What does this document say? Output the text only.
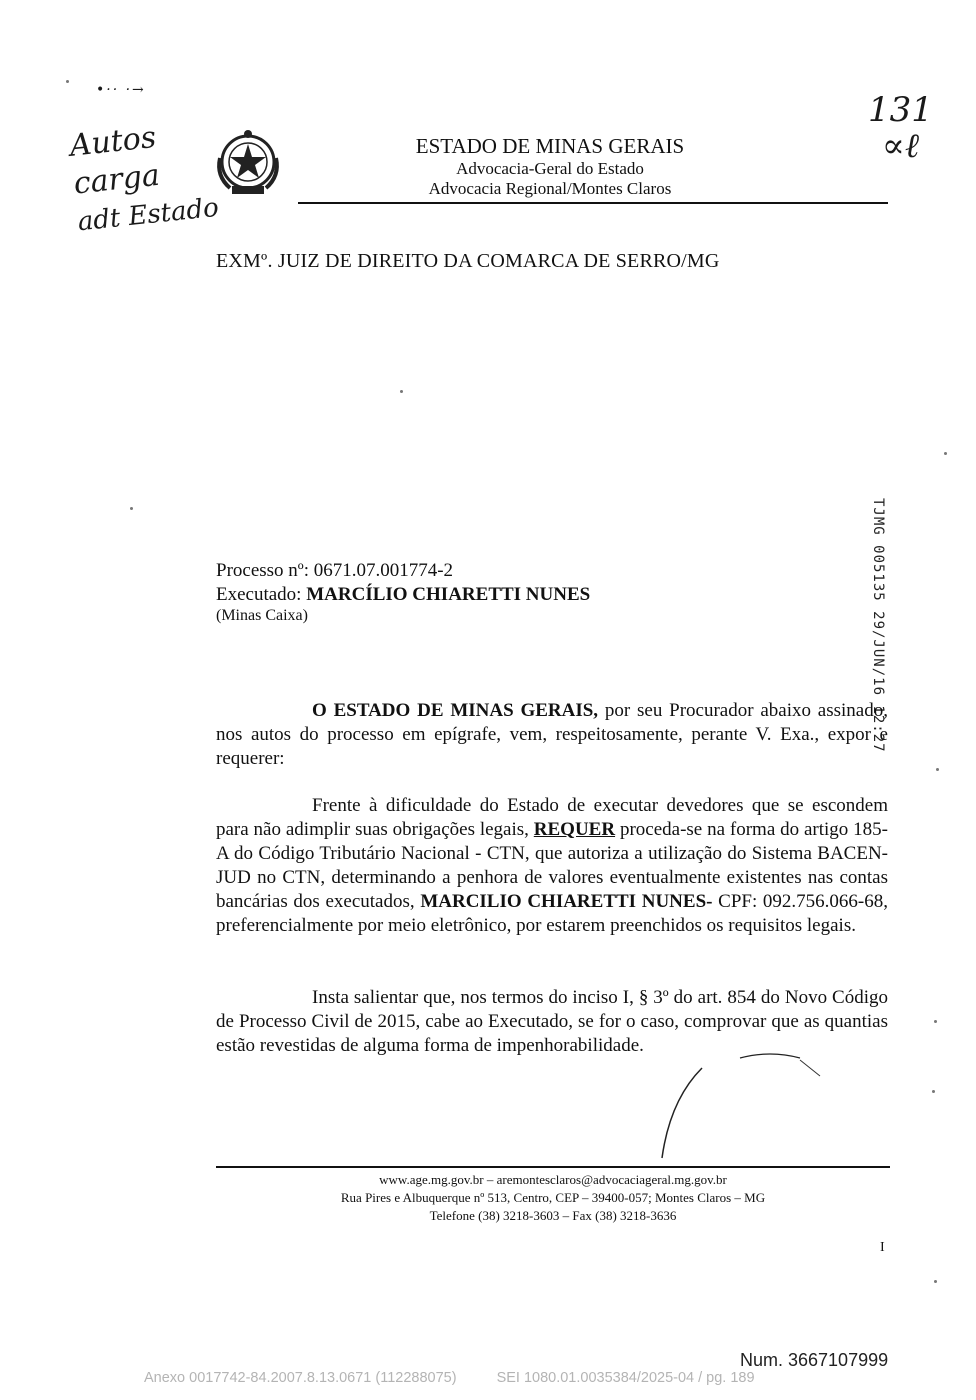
•·· ·→
Autos
carga
adt Estado
131
∝ℓ
ESTADO DE MINAS GERAIS
Advocacia-Geral do Estado
Advocacia Regional/Montes Claros
EXMº. JUIZ DE DIREITO DA COMARCA DE SERRO/MG
TJMG 005135 29/JUN/16 12:27
Processo nº: 0671.07.001774-2
Executado: MARCÍLIO CHIARETTI NUNES
(Minas Caixa)

O ESTADO DE MINAS GERAIS, por seu Procurador abaixo assinado, nos autos do processo em epígrafe, vem, respeitosamente, perante V. Exa., expor e requerer:

Frente à dificuldade do Estado de executar devedores que se escondem para não adimplir suas obrigações legais, REQUER proceda-se na forma do artigo 185-A do Código Tributário Nacional - CTN, que autoriza a utilização do Sistema BACEN-JUD no CTN, determinando a penhora de valores eventualmente existentes nas contas bancárias dos executados, MARCILIO CHIARETTI NUNES- CPF: 092.756.066-68, preferencialmente por meio eletrônico, por estarem preenchidos os requisitos legais.

Insta salientar que, nos termos do inciso I, § 3º do art. 854 do Novo Código de Processo Civil de 2015, cabe ao Executado, se for o caso, comprovar que as quantias estão revestidas de alguma forma de impenhorabilidade.

www.age.mg.gov.br – aremontesclaros@advocaciageral.mg.gov.br
Rua Pires e Albuquerque nº 513, Centro, CEP – 39400-057; Montes Claros – MG
Telefone (38) 3218-3603 – Fax (38) 3218-3636
I
Num. 3667107999
Anexo 0017742-84.2007.8.13.0671 (112288075)	SEI 1080.01.0035384/2025-04 / pg. 189
